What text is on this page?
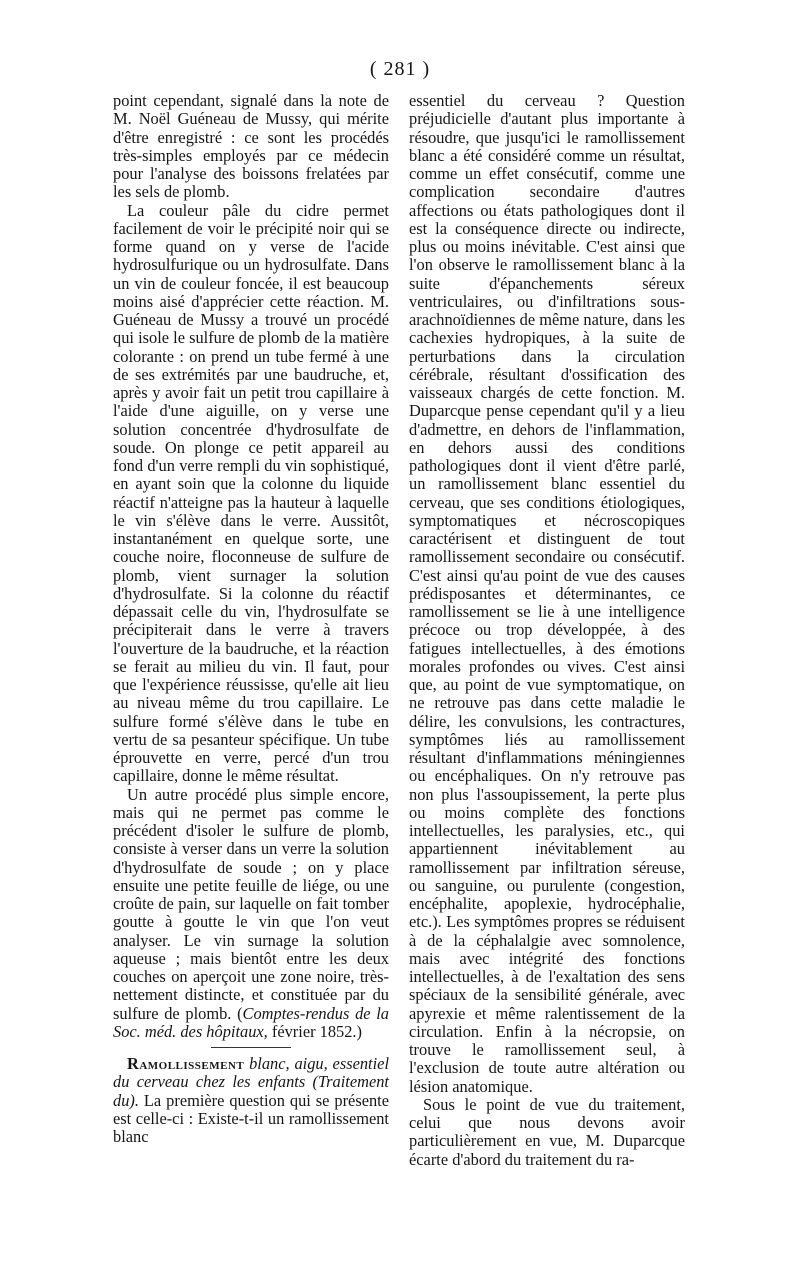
( 281 )

point cependant, signalé dans la note de M. Noël Guéneau de Mussy, qui mérite d'être enregistré : ce sont les procédés très-simples employés par ce médecin pour l'analyse des boissons frelatées par les sels de plomb.

La couleur pâle du cidre permet facilement de voir le précipité noir qui se forme quand on y verse de l'acide hydrosulfurique ou un hydrosulfate. Dans un vin de couleur foncée, il est beaucoup moins aisé d'apprécier cette réaction. M. Guéneau de Mussy a trouvé un procédé qui isole le sulfure de plomb de la matière colorante : on prend un tube fermé à une de ses extrémités par une baudruche, et, après y avoir fait un petit trou capillaire à l'aide d'une aiguille, on y verse une solution concentrée d'hydrosulfate de soude. On plonge ce petit appareil au fond d'un verre rempli du vin sophistiqué, en ayant soin que la colonne du liquide réactif n'atteigne pas la hauteur à laquelle le vin s'élève dans le verre. Aussitôt, instantanément en quelque sorte, une couche noire, floconneuse de sulfure de plomb, vient surnager la solution d'hydrosulfate. Si la colonne du réactif dépassait celle du vin, l'hydrosulfate se précipiterait dans le verre à travers l'ouverture de la baudruche, et la réaction se ferait au milieu du vin. Il faut, pour que l'expérience réussisse, qu'elle ait lieu au niveau même du trou capillaire. Le sulfure formé s'élève dans le tube en vertu de sa pesanteur spécifique. Un tube éprouvette en verre, percé d'un trou capillaire, donne le même résultat.

Un autre procédé plus simple encore, mais qui ne permet pas comme le précédent d'isoler le sulfure de plomb, consiste à verser dans un verre la solution d'hydrosulfate de soude ; on y place ensuite une petite feuille de liége, ou une croûte de pain, sur laquelle on fait tomber goutte à goutte le vin que l'on veut analyser. Le vin surnage la solution aqueuse ; mais bientôt entre les deux couches on aperçoit une zone noire, très-nettement distincte, et constituée par du sulfure de plomb. (Comptes-rendus de la Soc. méd. des hôpitaux, février 1852.)

Ramollissement blanc, aigu, essentiel du cerveau chez les enfants (Traitement du). La première question qui se présente est celle-ci : Existe-t-il un ramollissement blanc

essentiel du cerveau ? Question préjudicielle d'autant plus importante à résoudre, que jusqu'ici le ramollissement blanc a été considéré comme un résultat, comme un effet consécutif, comme une complication secondaire d'autres affections ou états pathologiques dont il est la conséquence directe ou indirecte, plus ou moins inévitable. C'est ainsi que l'on observe le ramollissement blanc à la suite d'épanchements séreux ventriculaires, ou d'infiltrations sous-arachnoïdiennes de même nature, dans les cachexies hydropiques, à la suite de perturbations dans la circulation cérébrale, résultant d'ossification des vaisseaux chargés de cette fonction. M. Duparcque pense cependant qu'il y a lieu d'admettre, en dehors de l'inflammation, en dehors aussi des conditions pathologiques dont il vient d'être parlé, un ramollissement blanc essentiel du cerveau, que ses conditions étiologiques, symptomatiques et nécroscopiques caractérisent et distinguent de tout ramollissement secondaire ou consécutif. C'est ainsi qu'au point de vue des causes prédisposantes et déterminantes, ce ramollissement se lie à une intelligence précoce ou trop développée, à des fatigues intellectuelles, à des émotions morales profondes ou vives. C'est ainsi que, au point de vue symptomatique, on ne retrouve pas dans cette maladie le délire, les convulsions, les contractures, symptômes liés au ramollissement résultant d'inflammations méningiennes ou encéphaliques. On n'y retrouve pas non plus l'assoupissement, la perte plus ou moins complète des fonctions intellectuelles, les paralysies, etc., qui appartiennent inévitablement au ramollissement par infiltration séreuse, ou sanguine, ou purulente (congestion, encéphalite, apoplexie, hydrocéphalie, etc.). Les symptômes propres se réduisent à de la céphalalgie avec somnolence, mais avec intégrité des fonctions intellectuelles, à de l'exaltation des sens spéciaux de la sensibilité générale, avec apyrexie et même ralentissement de la circulation. Enfin à la nécropsie, on trouve le ramollissement seul, à l'exclusion de toute autre altération ou lésion anatomique.

Sous le point de vue du traitement, celui que nous devons avoir particulièrement en vue, M. Duparcque écarte d'abord du traitement du ra-
